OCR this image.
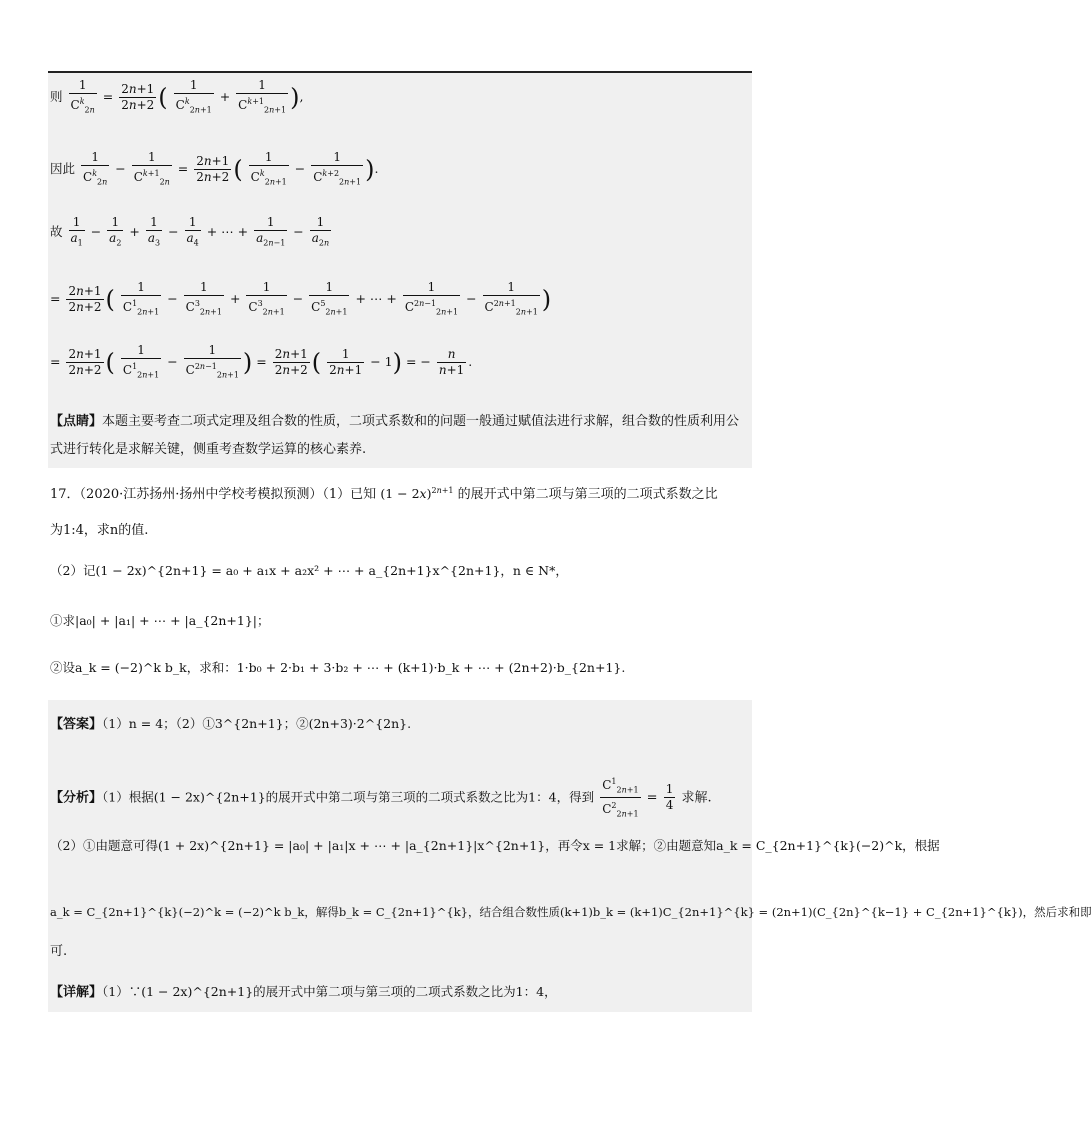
则 $\frac{1}{C^k_{2n}} = \frac{2n+1}{2n+2}$ ( $\frac{1}{C^k_{2n+1}} + \frac{1}{C^{k+1}_{2n+1}}$ ),
因此 $\frac{1}{C^k_{2n}} - \frac{1}{C^{k+1}_{2n}} = \frac{2n+1}{2n+2}$ ( $\frac{1}{C^k_{2n+1}} - \frac{1}{C^{k+2}_{2n+1}}$ ).
故 $\frac{1}{a_1} - \frac{1}{a_2} + \frac{1}{a_3} - \frac{1}{a_4}$ + ⋯ + $\frac{1}{a_{2n-1}} - \frac{1}{a_{2n}}$
= $\frac{2n+1}{2n+2}$ ( $\frac{1}{C^1_{2n+1}} - \frac{1}{C^3_{2n+1}} + \frac{1}{C^3_{2n+1}} - \frac{1}{C^5_{2n+1}}$ + ⋯ + $\frac{1}{C^{2n-1}_{2n+1}} - \frac{1}{C^{2n+1}_{2n+1}}$ )
= $\frac{2n+1}{2n+2}$ ( $\frac{1}{C^1_{2n+1}} - \frac{1}{C^{2n-1}_{2n+1}}$ ) = $\frac{2n+1}{2n+2}$ ( $\frac{1}{2n+1} - 1$) = − $\frac{n}{n+1}$ .
【点睛】本题主要考查二项式定理及组合数的性质，二项式系数和的问题一般通过赋值法进行求解，组合数的性质利用公式进行转化是求解关键，侧重考查数学运算的核心素养.
17．（2020·江苏扬州·扬州中学校考模拟预测）（1）已知 $(1 - 2x)^{2n+1}$ 的展开式中第二项与第三项的二项式系数之比
为1:4，求n的值.
（2）记(1 − 2x)^{2n+1} = a₀ + a₁x + a₂x² + ⋯ + a_{2n+1}x^{2n+1}，n ∈ N*，
①求|a₀| + |a₁| + ⋯ + |a_{2n+1}|；
②设a_k = (−2)^k b_k，求和：1·b₀ + 2·b₁ + 3·b₂ + ⋯ + (k+1)·b_k + ⋯ + (2n+2)·b_{2n+1}.
【答案】（1）n = 4；（2）①3^{2n+1}；②(2n+3)·2^{2n}.
【分析】（1）根据(1 − 2x)^{2n+1}的展开式中第二项与第三项的二项式系数之比为1：4，得到 $\frac{C^1_{2n+1}}{C^2_{2n+1}} = \frac{1}{4}$ 求解.
（2）①由题意可得(1 + 2x)^{2n+1} = |a₀| + |a₁|x + ⋯ + |a_{2n+1}|x^{2n+1}，再令x = 1求解；②由题意知a_k = C_{2n+1}^{k}(−2)^k，根据
a_k = C_{2n+1}^{k}(−2)^k = (−2)^k b_k，解得b_k = C_{2n+1}^{k}，结合组合数性质(k+1)b_k = (k+1)C_{2n+1}^{k} = (2n+1)(C_{2n}^{k−1} + C_{2n+1}^{k})，然后求和即
可.
【详解】（1）∵(1 − 2x)^{2n+1}的展开式中第二项与第三项的二项式系数之比为1：4，
